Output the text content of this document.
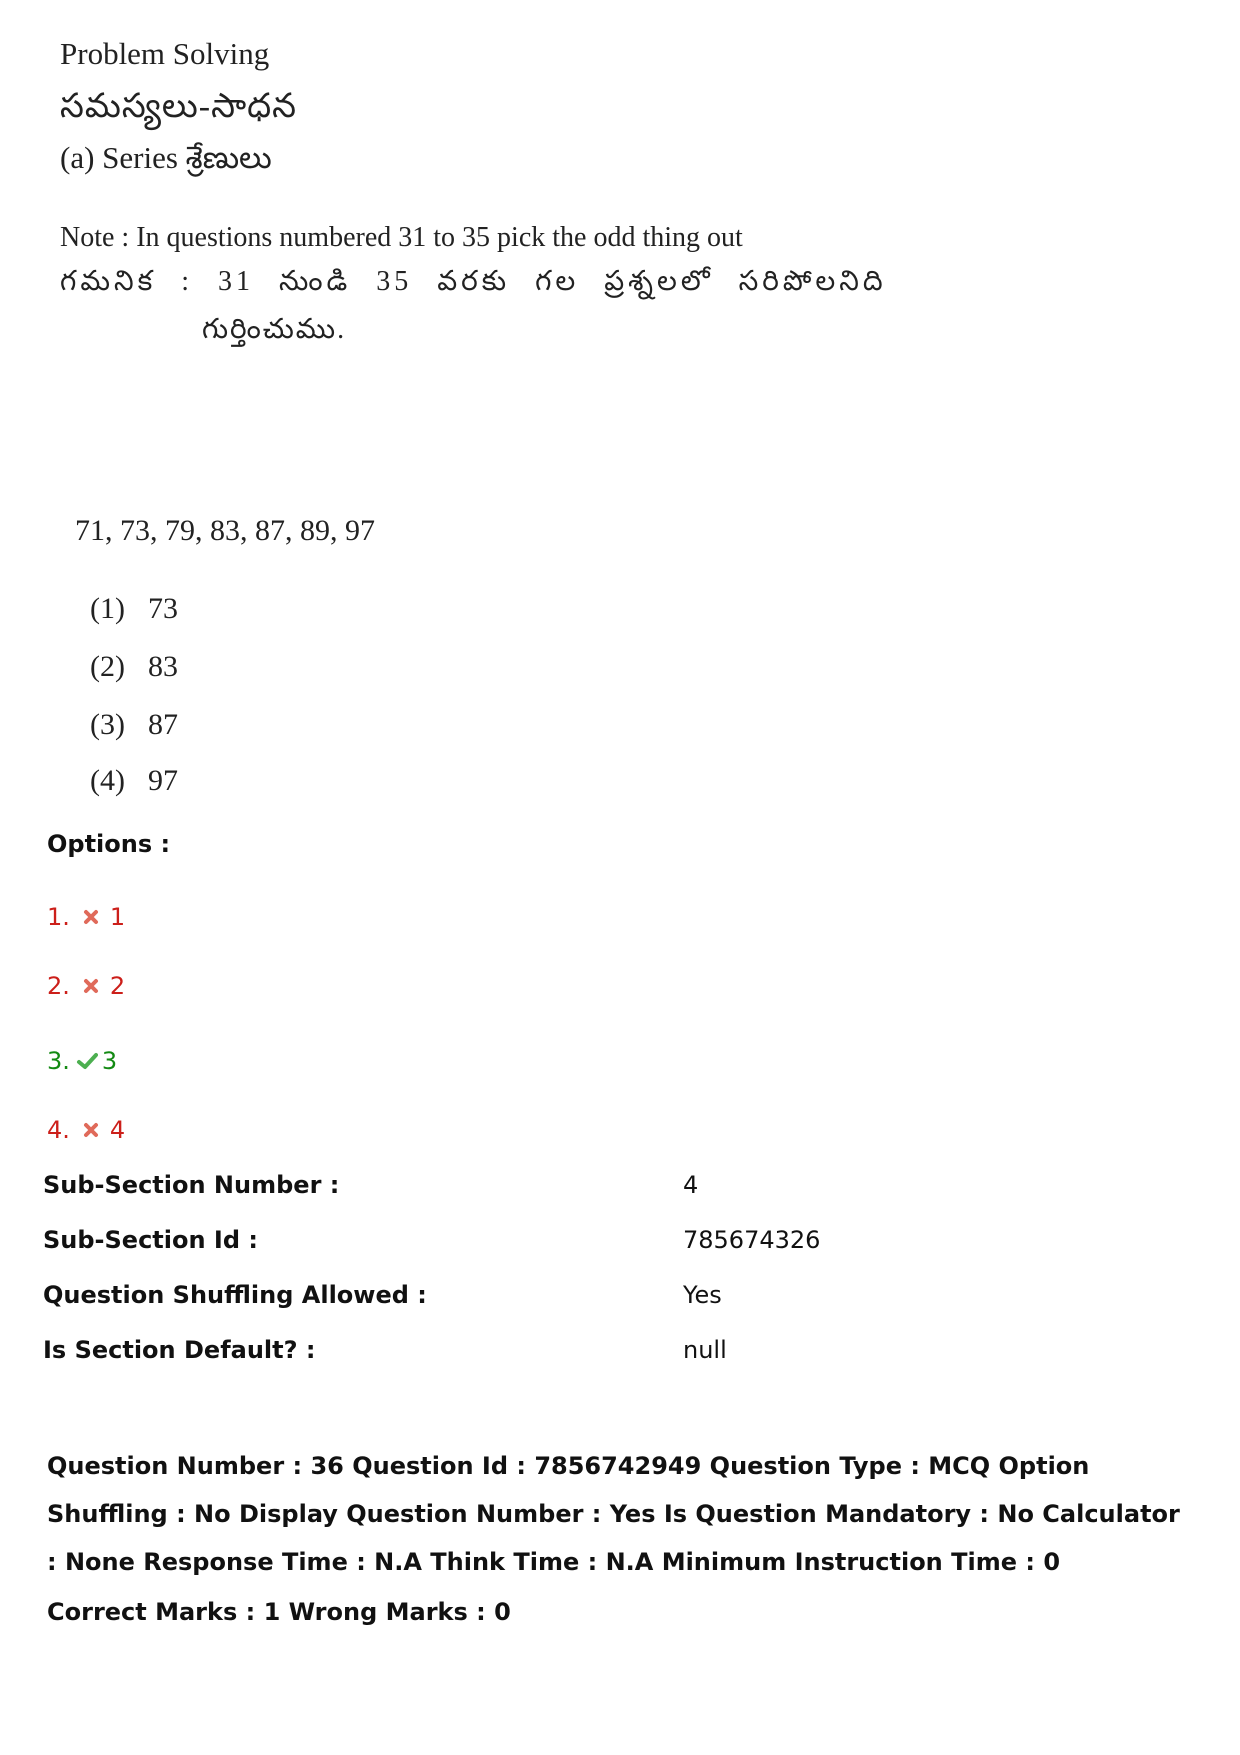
Problem Solving
సమస్యలు-సాధన
(a) Series శ్రేణులు
Note : In questions numbered 31 to 35 pick the odd thing out
గమనిక : 31 నుండి 35 వరకు గల ప్రశ్నలలో సరిపోలనిది
గుర్తించుము.
71, 73, 79, 83, 87, 89, 97
(1) 73
(2) 83
(3) 87
(4) 97
Options :
1. 1
2. 2
3. 3
4. 4
Sub-Section Number :	4
Sub-Section Id :	785674326
Question Shuffling Allowed :	Yes
Is Section Default? :	null
Question Number : 36 Question Id : 7856742949 Question Type : MCQ Option Shuffling : No Display Question Number : Yes Is Question Mandatory : No Calculator : None Response Time : N.A Think Time : N.A Minimum Instruction Time : 0
Correct Marks : 1 Wrong Marks : 0
